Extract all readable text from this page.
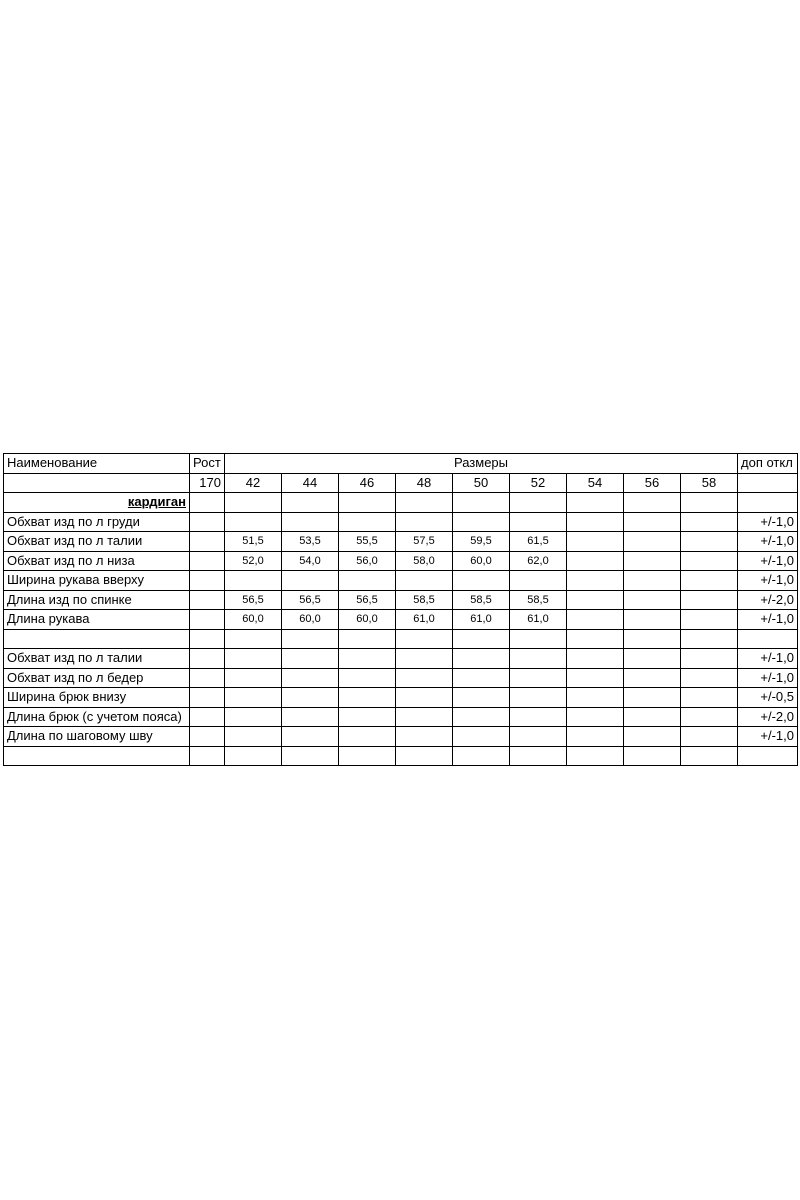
Наименование	Рост	Размеры									доп откл
	170	42	44	46	48	50	52	54	56	58	
кардиган											
Обхват изд по л груди											+/-1,0
Обхват изд по л талии		51,5	53,5	55,5	57,5	59,5	61,5				+/-1,0
Обхват изд по л низа		52,0	54,0	56,0	58,0	60,0	62,0				+/-1,0
Ширина рукава вверху											+/-1,0
Длина изд по спинке		56,5	56,5	56,5	58,5	58,5	58,5				+/-2,0
Длина рукава		60,0	60,0	60,0	61,0	61,0	61,0				+/-1,0

Обхват изд по л талии											+/-1,0
Обхват изд по л бедер											+/-1,0
Ширина брюк внизу											+/-0,5
Длина брюк (с учетом пояса)											+/-2,0
Длина по шаговому шву											+/-1,0
